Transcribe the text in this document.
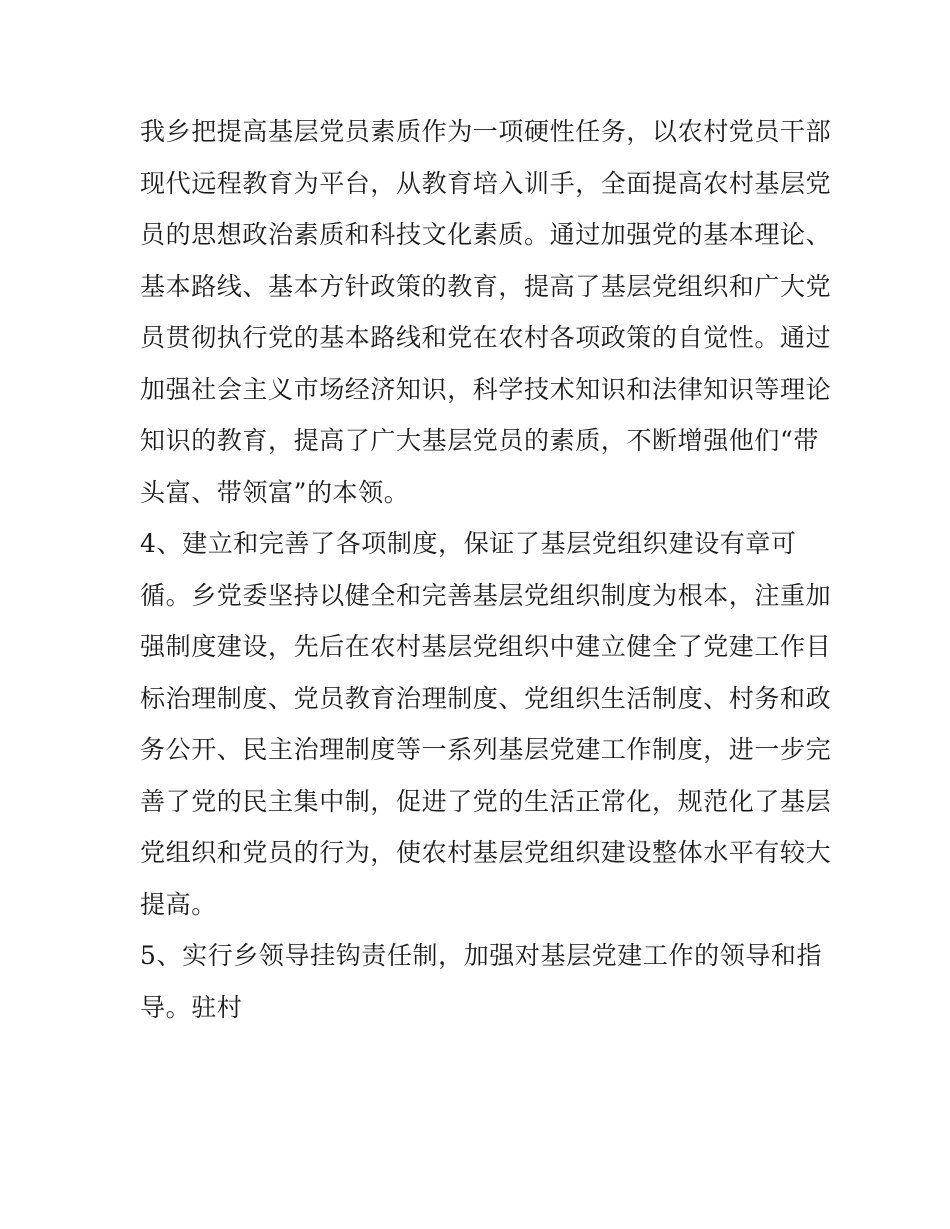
我乡把提高基层党员素质作为一项硬性任务，以农村党员干部
现代远程教育为平台，从教育培入训手，全面提高农村基层党
员的思想政治素质和科技文化素质。通过加强党的基本理论、
基本路线、基本方针政策的教育，提高了基层党组织和广大党
员贯彻执行党的基本路线和党在农村各项政策的自觉性。通过
加强社会主义市场经济知识，科学技术知识和法律知识等理论
知识的教育，提高了广大基层党员的素质，不断增强他们“带
头富、带领富”的本领。
4、建立和完善了各项制度，保证了基层党组织建设有章可
循。乡党委坚持以健全和完善基层党组织制度为根本，注重加
强制度建设，先后在农村基层党组织中建立健全了党建工作目
标治理制度、党员教育治理制度、党组织生活制度、村务和政
务公开、民主治理制度等一系列基层党建工作制度，进一步完
善了党的民主集中制，促进了党的生活正常化，规范化了基层
党组织和党员的行为，使农村基层党组织建设整体水平有较大
提高。
5、实行乡领导挂钩责任制，加强对基层党建工作的领导和指
导。驻村
